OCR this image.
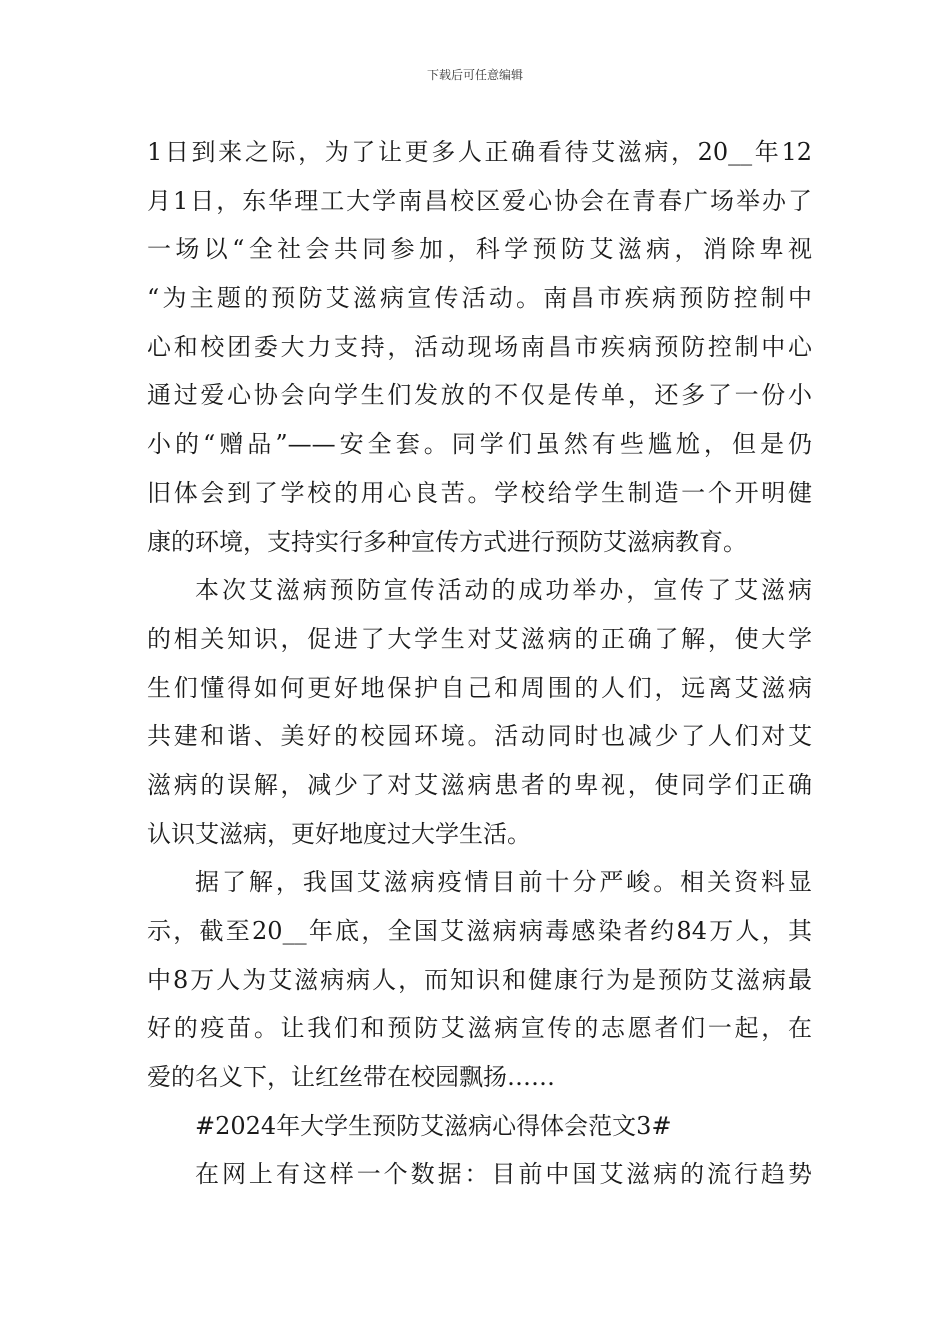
下载后可任意编辑
1日到来之际，为了让更多人正确看待艾滋病，20__年12
月1日，东华理工大学南昌校区爱心协会在青春广场举办了
一场以“全社会共同参加，科学预防艾滋病，消除卑视
“为主题的预防艾滋病宣传活动。南昌市疾病预防控制中
心和校团委大力支持，活动现场南昌市疾病预防控制中心
通过爱心协会向学生们发放的不仅是传单，还多了一份小
小的“赠品”——安全套。同学们虽然有些尴尬，但是仍
旧体会到了学校的用心良苦。学校给学生制造一个开明健
康的环境，支持实行多种宣传方式进行预防艾滋病教育。
本次艾滋病预防宣传活动的成功举办，宣传了艾滋病
的相关知识，促进了大学生对艾滋病的正确了解，使大学
生们懂得如何更好地保护自己和周围的人们，远离艾滋病
共建和谐、美好的校园环境。活动同时也减少了人们对艾
滋病的误解，减少了对艾滋病患者的卑视，使同学们正确
认识艾滋病，更好地度过大学生活。
据了解，我国艾滋病疫情目前十分严峻。相关资料显
示，截至20__年底，全国艾滋病病毒感染者约84万人，其
中8万人为艾滋病病人，而知识和健康行为是预防艾滋病最
好的疫苗。让我们和预防艾滋病宣传的志愿者们一起，在
爱的名义下，让红丝带在校园飘扬……
#2024年大学生预防艾滋病心得体会范文3#
在网上有这样一个数据：目前中国艾滋病的流行趋势
